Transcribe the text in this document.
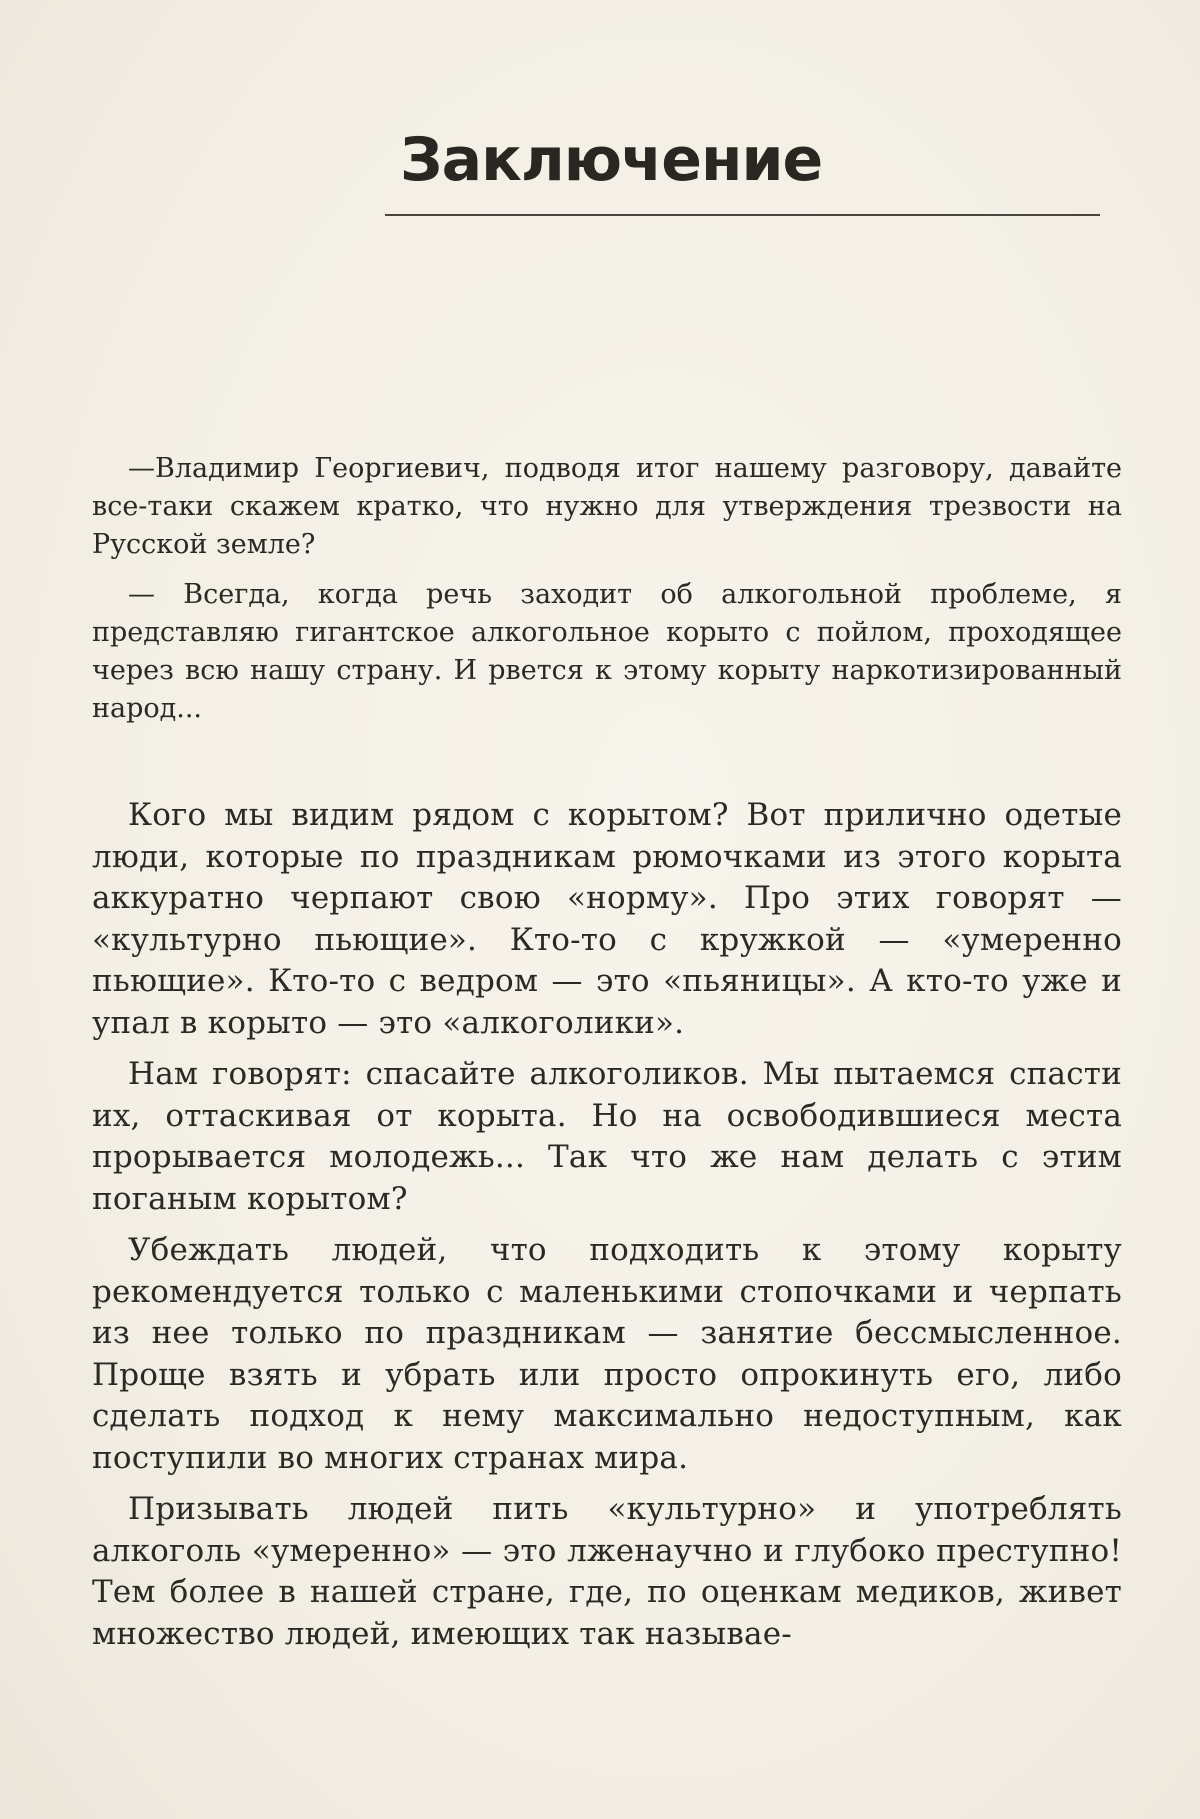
Заключение

—Владимир Георгиевич, подводя итог нашему разговору, давайте все-таки скажем кратко, что нужно для утверждения трезвости на Русской земле?

— Всегда, когда речь заходит об алкогольной проблеме, я представляю гигантское алкогольное корыто с пойлом, проходящее через всю нашу страну. И рвется к этому корыту наркотизированный народ...

Кого мы видим рядом с корытом? Вот прилично одетые люди, которые по праздникам рюмочками из этого корыта аккуратно черпают свою «норму». Про этих говорят — «культурно пьющие». Кто-то с кружкой — «умеренно пьющие». Кто-то с ведром — это «пьяницы». А кто-то уже и упал в корыто — это «алкоголики».

Нам говорят: спасайте алкоголиков. Мы пытаемся спасти их, оттаскивая от корыта. Но на освободившиеся места прорывается молодежь... Так что же нам делать с этим поганым корытом?

Убеждать людей, что подходить к этому корыту рекомендуется только с маленькими стопочками и черпать из нее только по праздникам — занятие бессмысленное. Проще взять и убрать или просто опрокинуть его, либо сделать подход к нему максимально недоступным, как поступили во многих странах мира.

Призывать людей пить «культурно» и употреблять алкоголь «умеренно» — это лженаучно и глубоко преступно! Тем более в нашей стране, где, по оценкам медиков, живет множество людей, имеющих так называе-
